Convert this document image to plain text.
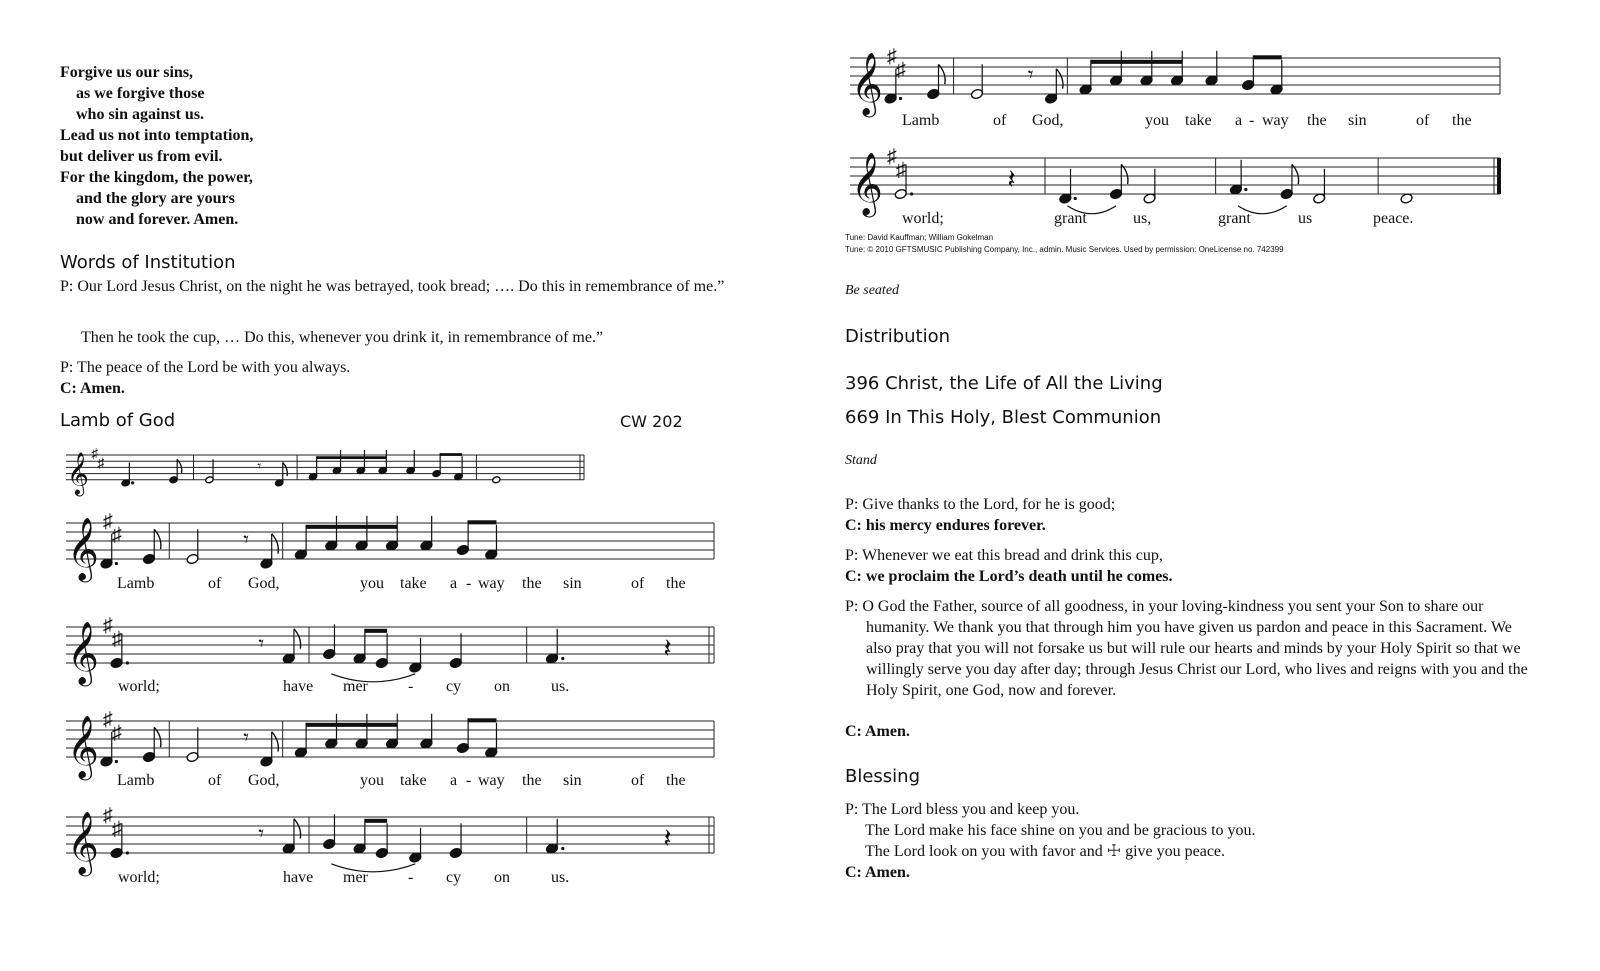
Forgive us our sins,
as we forgive those
who sin against us.
Lead us not into temptation,
but deliver us from evil.
For the kingdom, the power,
and the glory are yours
now and forever. Amen.
Words of Institution
P: Our Lord Jesus Christ, on the night he was betrayed, took bread; …. Do this in remembrance of me.”
Then he took the cup, … Do this, whenever you drink it, in remembrance of me.”
P: The peace of the Lord be with you always.
C: Amen.
Lamb of God	CW 202
𝄞 ♯
♯	𝄾
𝄞 ♯
♯	𝄾
𝄞 ♯
♯	𝄾	𝄽
𝄞 ♯
♯	𝄾
𝄞 ♯
♯	𝄾	𝄽
𝄞 ♯
♯	𝄾
𝄞 ♯
♯	𝄽
Tune: David Kauffman; William Gokelman
Tune: © 2010 GFTSMUSIC Publishing Company, Inc., admin. Music Services. Used by permission: OneLicense no. 742399
Be seated
Distribution
396 Christ, the Life of All the Living
669 In This Holy, Blest Communion
Stand
P: Give thanks to the Lord, for he is good;
C: his mercy endures forever.
P: Whenever we eat this bread and drink this cup,
C: we proclaim the Lord’s death until he comes.
P: O God the Father, source of all goodness, in your loving-kindness you sent your Son to share our humanity. We thank you that through him you have given us pardon and peace in this Sacrament. We also pray that you will not forsake us but will rule our hearts and minds by your Holy Spirit so that we willingly serve you day after day; through Jesus Christ our Lord, who lives and reigns with you and the Holy Spirit, one God, now and forever.
C: Amen.
Blessing
P: The Lord bless you and keep you.
The Lord make his face shine on you and be gracious to you.
The Lord look on you with favor and ☩ give you peace.
C: Amen.
Lamb	of God,	you take a - way the sin	of the
world;	have mer	- cy on	us.
Lamb	of God,	you take a - way the sin	of the
world;	have mer	- cy on	us.
Lamb	of God,	you take a - way the sin	of the
world;	grant	us,	grant	us	peace.
